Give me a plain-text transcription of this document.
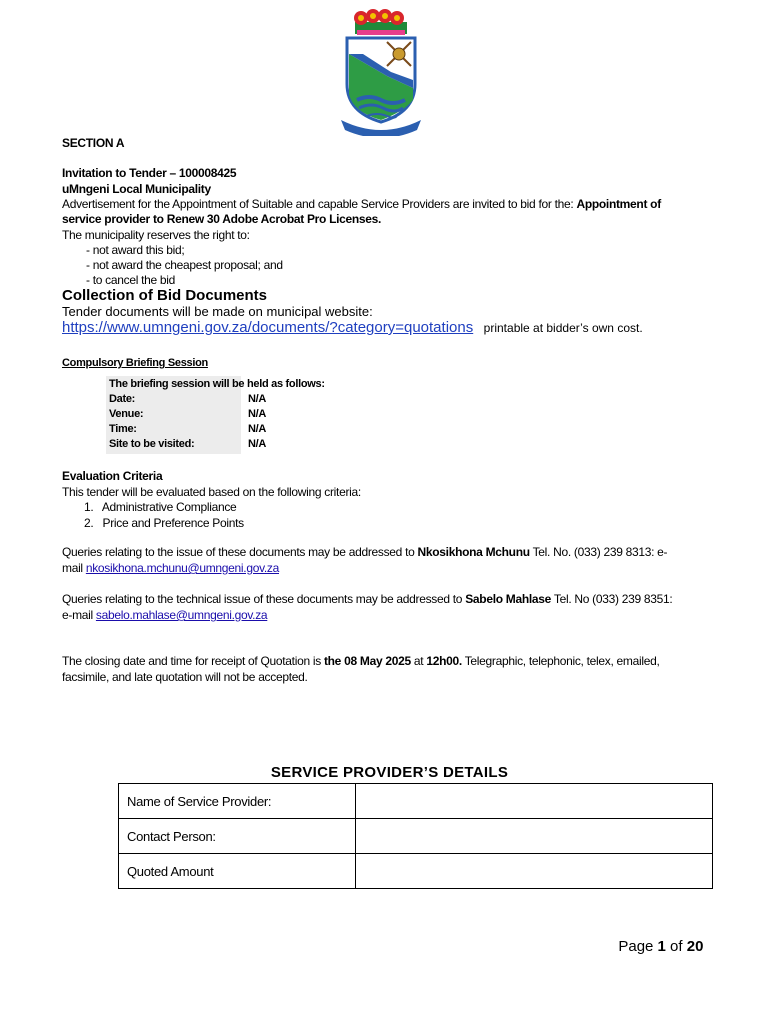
SECTION A
Invitation to Tender – 100008425
uMngeni Local Municipality
Advertisement for the Appointment of Suitable and capable Service Providers are invited to bid for the: Appointment of
service provider to Renew 30 Adobe Acrobat Pro Licenses.
The municipality reserves the right to:
- not award this bid;
- not award the cheapest proposal; and
- to cancel the bid
Collection of Bid Documents
Tender documents will be made on municipal website:
https://www.umngeni.gov.za/documents/?category=quotations printable at bidder’s own cost.
Compulsory Briefing Session
The briefing session will be held as follows:
Date:	N/A
Venue:	N/A
Time:	N/A
Site to be visited:	N/A
Evaluation Criteria
This tender will be evaluated based on the following criteria:
1.   Administrative Compliance
2.   Price and Preference Points
Queries relating to the issue of these documents may be addressed to Nkosikhona Mchunu Tel. No. (033) 239 8313: e-
mail nkosikhona.mchunu@umngeni.gov.za
Queries relating to the technical issue of these documents may be addressed to Sabelo Mahlase Tel. No (033) 239 8351:
e-mail sabelo.mahlase@umngeni.gov.za
The closing date and time for receipt of Quotation is the 08 May 2025 at 12h00. Telegraphic, telephonic, telex, emailed,
facsimile, and late quotation will not be accepted.
SERVICE PROVIDER’S DETAILS
Name of Service Provider:	
Contact Person:	
Quoted Amount	

Page 1 of 20
